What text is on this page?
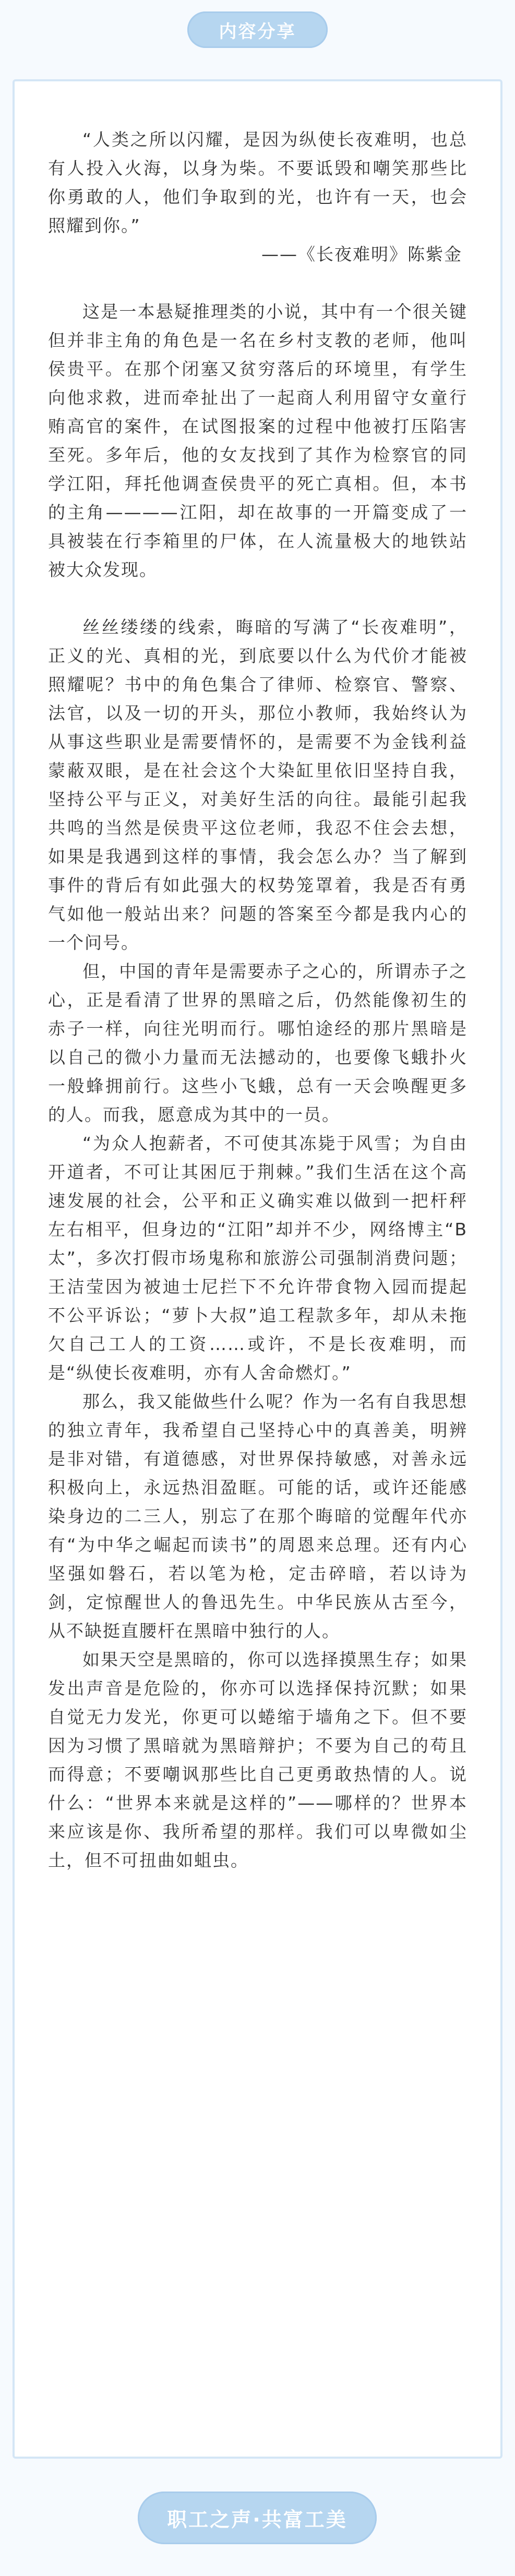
内容分享

“人类之所以闪耀，是因为纵使长夜难明，也总有人投入火海，以身为柴。不要诋毁和嘲笑那些比你勇敢的人，他们争取到的光，也许有一天，也会照耀到你。”

——《长夜难明》陈紫金

这是一本悬疑推理类的小说，其中有一个很关键但并非主角的角色是一名在乡村支教的老师，他叫侯贵平。在那个闭塞又贫穷落后的环境里，有学生向他求救，进而牵扯出了一起商人利用留守女童行贿高官的案件，在试图报案的过程中他被打压陷害至死。多年后，他的女友找到了其作为检察官的同学江阳，拜托他调查侯贵平的死亡真相。但，本书的主角————江阳，却在故事的一开篇变成了一具被装在行李箱里的尸体，在人流量极大的地铁站被大众发现。

丝丝缕缕的线索，晦暗的写满了“长夜难明”，正义的光、真相的光，到底要以什么为代价才能被照耀呢？书中的角色集合了律师、检察官、警察、法官，以及一切的开头，那位小教师，我始终认为从事这些职业是需要情怀的，是需要不为金钱利益蒙蔽双眼，是在社会这个大染缸里依旧坚持自我，坚持公平与正义，对美好生活的向往。最能引起我共鸣的当然是侯贵平这位老师，我忍不住会去想，如果是我遇到这样的事情，我会怎么办？当了解到事件的背后有如此强大的权势笼罩着，我是否有勇气如他一般站出来？问题的答案至今都是我内心的一个问号。

但，中国的青年是需要赤子之心的，所谓赤子之心，正是看清了世界的黑暗之后，仍然能像初生的赤子一样，向往光明而行。哪怕途经的那片黑暗是以自己的微小力量而无法撼动的，也要像飞蛾扑火一般蜂拥前行。这些小飞蛾，总有一天会唤醒更多的人。而我，愿意成为其中的一员。

“为众人抱薪者，不可使其冻毙于风雪；为自由开道者，不可让其困厄于荆棘。”我们生活在这个高速发展的社会，公平和正义确实难以做到一把杆秤左右相平，但身边的“江阳”却并不少，网络博主“B太”，多次打假市场鬼称和旅游公司强制消费问题；王洁莹因为被迪士尼拦下不允许带食物入园而提起不公平诉讼；“萝卜大叔”追工程款多年，却从未拖欠自己工人的工资……或许，不是长夜难明，而是“纵使长夜难明，亦有人舍命燃灯。”

那么，我又能做些什么呢？作为一名有自我思想的独立青年，我希望自己坚持心中的真善美，明辨是非对错，有道德感，对世界保持敏感，对善永远积极向上，永远热泪盈眶。可能的话，或许还能感染身边的二三人，别忘了在那个晦暗的觉醒年代亦有“为中华之崛起而读书”的周恩来总理。还有内心坚强如磐石，若以笔为枪，定击碎暗，若以诗为剑，定惊醒世人的鲁迅先生。中华民族从古至今，从不缺挺直腰杆在黑暗中独行的人。

如果天空是黑暗的，你可以选择摸黑生存；如果发出声音是危险的，你亦可以选择保持沉默；如果自觉无力发光，你更可以蜷缩于墙角之下。但不要因为习惯了黑暗就为黑暗辩护；不要为自己的苟且而得意；不要嘲讽那些比自己更勇敢热情的人。说什么：“世界本来就是这样的”——哪样的？世界本来应该是你、我所希望的那样。我们可以卑微如尘土，但不可扭曲如蛆虫。

职工之声·共富工美
